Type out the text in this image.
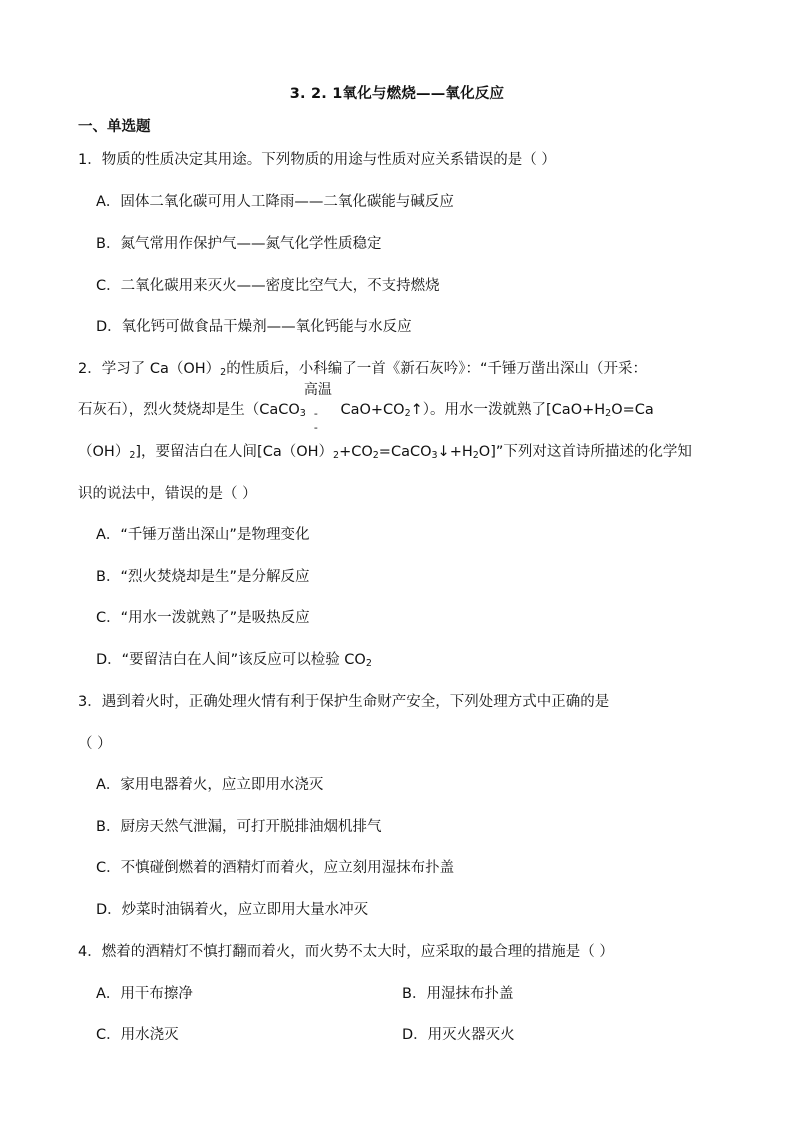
3. 2. 1氧化与燃烧——氧化反应
一、单选题
1．物质的性质决定其用途。下列物质的用途与性质对应关系错误的是（ ）
A．固体二氧化碳可用人工降雨——二氧化碳能与碱反应
B．氮气常用作保护气——氮气化学性质稳定
C．二氧化碳用来灭火——密度比空气大，不支持燃烧
D．氧化钙可做食品干燥剂——氧化钙能与水反应
2．学习了 $Ca(OH)_2$的性质后，小科编了一首《新石灰吟》：“千锤万凿出深山（开采：
石灰石），烈火焚烧却是生（CaCO$_3$
高温
-
-
$CaO+CO_2↑$）。用水一泼就熟了[$CaO+H_2O=Ca$
$(OH)_2$]，要留洁白在人间$[Ca(OH)_2+CO_2=CaCO_3↓+H_2O]$”下列对这首诗所描述的化学知
识的说法中，错误的是（ ）
A．“千锤万凿出深山”是物理变化
B．“烈火焚烧却是生”是分解反应
C．“用水一泼就熟了”是吸热反应
D．“要留洁白在人间”该反应可以检验 $CO_2$
3．遇到着火时，正确处理火情有利于保护生命财产安全，下列处理方式中正确的是
（ ）
A．家用电器着火，应立即用水浇灭
B．厨房天然气泄漏，可打开脱排油烟机排气
C．不慎碰倒燃着的酒精灯而着火，应立刻用湿抹布扑盖
D．炒菜时油锅着火，应立即用大量水冲灭
4．燃着的酒精灯不慎打翻而着火，而火势不太大时，应采取的最合理的措施是（ ）
A．用干布擦净	B．用湿抹布扑盖
C．用水浇灭	D．用灭火器灭火
